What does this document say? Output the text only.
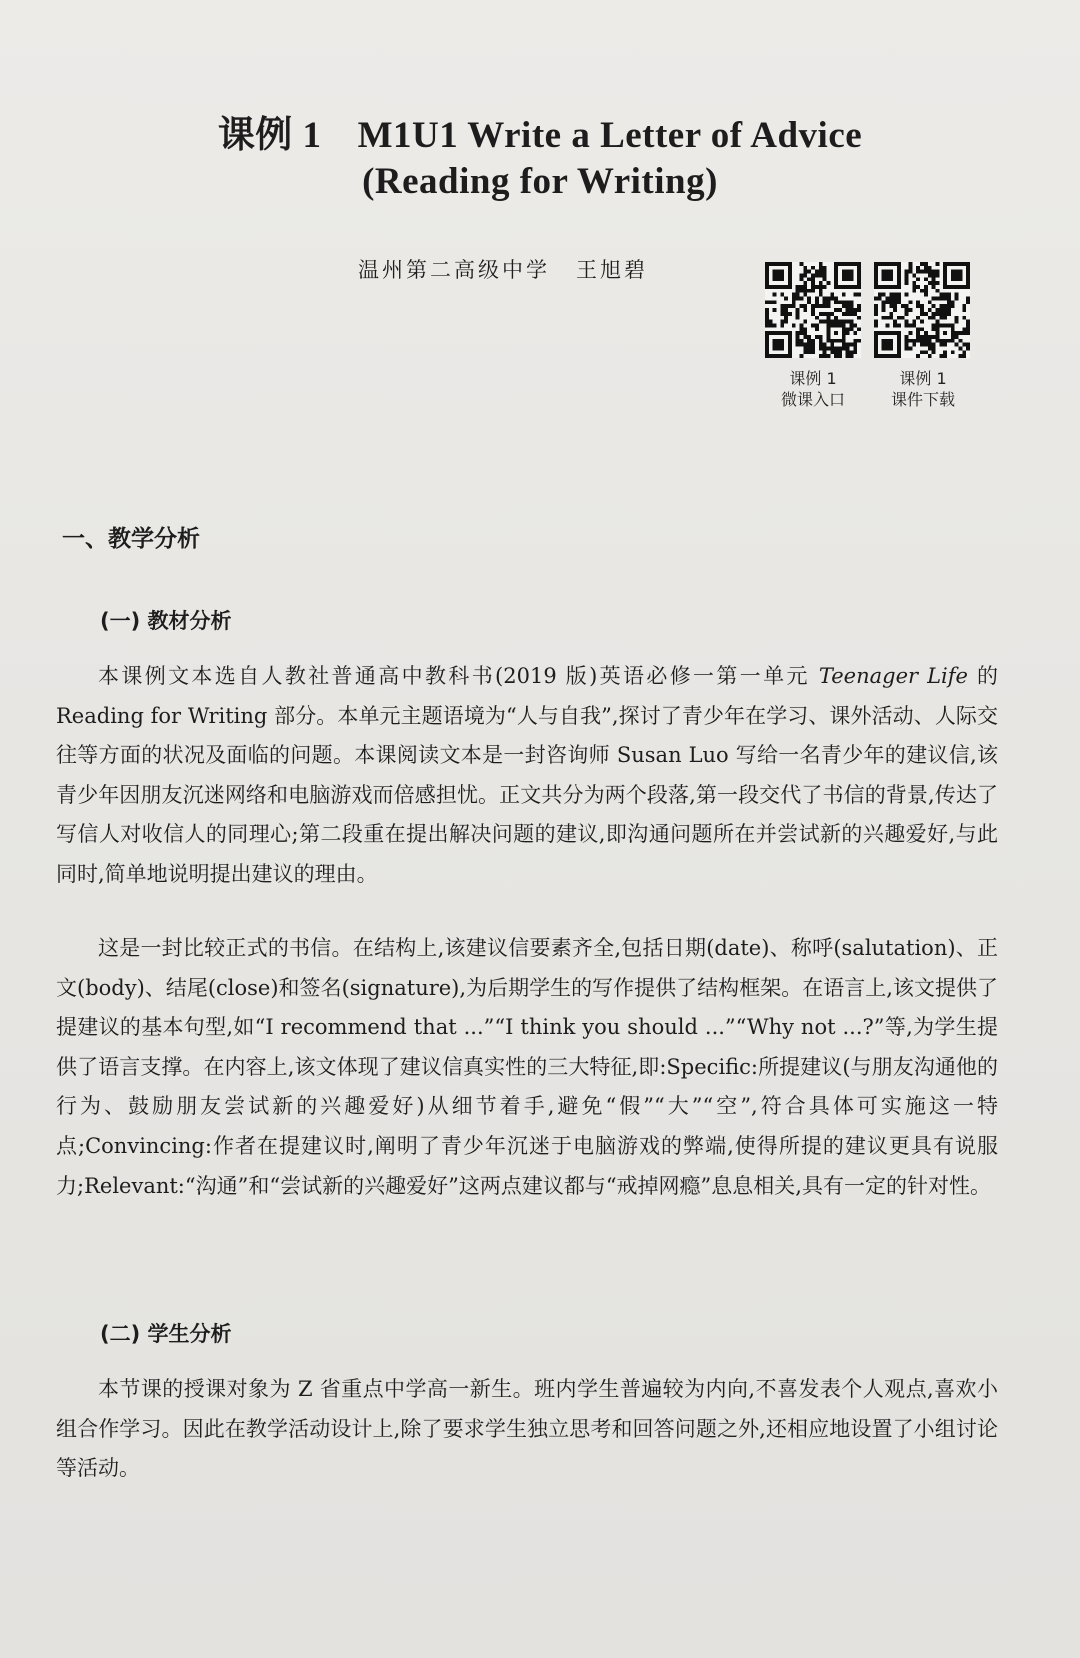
课例 1 M1U1 Write a Letter of Advice
(Reading for Writing)
温州第二高级中学 王旭碧
课例 1
微课入口
课例 1
课件下载
一、教学分析
(一) 教材分析
本课例文本选自人教社普通高中教科书(2019 版)英语必修一第一单元 Teenager Life 的 Reading for Writing 部分。本单元主题语境为“人与自我”,探讨了青少年在学习、课外活动、人际交往等方面的状况及面临的问题。本课阅读文本是一封咨询师 Susan Luo 写给一名青少年的建议信,该青少年因朋友沉迷网络和电脑游戏而倍感担忧。正文共分为两个段落,第一段交代了书信的背景,传达了写信人对收信人的同理心;第二段重在提出解决问题的建议,即沟通问题所在并尝试新的兴趣爱好,与此同时,简单地说明提出建议的理由。
这是一封比较正式的书信。在结构上,该建议信要素齐全,包括日期(date)、称呼(salutation)、正文(body)、结尾(close)和签名(signature),为后期学生的写作提供了结构框架。在语言上,该文提供了提建议的基本句型,如“I recommend that ...”“I think you should ...”“Why not ...?”等,为学生提供了语言支撑。在内容上,该文体现了建议信真实性的三大特征,即:Specific:所提建议(与朋友沟通他的行为、鼓励朋友尝试新的兴趣爱好)从细节着手,避免“假”“大”“空”,符合具体可实施这一特点;Convincing:作者在提建议时,阐明了青少年沉迷于电脑游戏的弊端,使得所提的建议更具有说服力;Relevant:“沟通”和“尝试新的兴趣爱好”这两点建议都与“戒掉网瘾”息息相关,具有一定的针对性。
(二) 学生分析
本节课的授课对象为 Z 省重点中学高一新生。班内学生普遍较为内向,不喜发表个人观点,喜欢小组合作学习。因此在教学活动设计上,除了要求学生独立思考和回答问题之外,还相应地设置了小组讨论等活动。
